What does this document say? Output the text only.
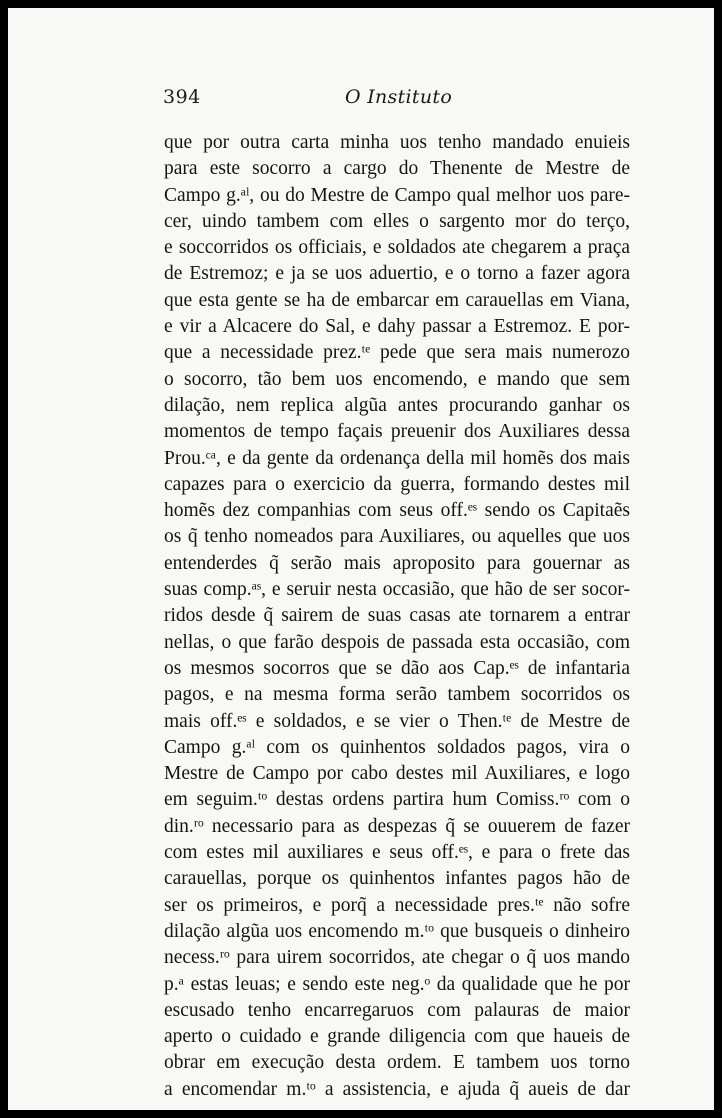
394	O Instituto
que por outra carta minha uos tenho mandado enuieis
para este socorro a cargo do Thenente de Mestre de
Campo g.ᵃˡ, ou do Mestre de Campo qual melhor uos pare-
cer, uindo tambem com elles o sargento mor do terço,
e soccorridos os officiais, e soldados ate chegarem a praça
de Estremoz; e ja se uos aduertio, e o torno a fazer agora
que esta gente se ha de embarcar em carauellas em Viana,
e vir a Alcacere do Sal, e dahy passar a Estremoz. E por-
que a necessidade prez.ᵗᵉ pede que sera mais numerozo
o socorro, tão bem uos encomendo, e mando que sem
dilação, nem replica algũa antes procurando ganhar os
momentos de tempo façais preuenir dos Auxiliares dessa
Prou.ᶜᵃ, e da gente da ordenança della mil homẽs dos mais
capazes para o exercicio da guerra, formando destes mil
homẽs dez companhias com seus off.ᵉˢ sendo os Capitaẽs
os q̃ tenho nomeados para Auxiliares, ou aquelles que uos
entenderdes q̃ serão mais aproposito para gouernar as
suas comp.ᵃˢ, e seruir nesta occasião, que hão de ser socor-
ridos desde q̃ sairem de suas casas ate tornarem a entrar
nellas, o que farão despois de passada esta occasião, com
os mesmos socorros que se dão aos Cap.ᵉˢ de infantaria
pagos, e na mesma forma serão tambem socorridos os
mais off.ᵉˢ e soldados, e se vier o Then.ᵗᵉ de Mestre de
Campo g.ᵃˡ com os quinhentos soldados pagos, vira o
Mestre de Campo por cabo destes mil Auxiliares, e logo
em seguim.ᵗᵒ destas ordens partira hum Comiss.ʳᵒ com o
din.ʳᵒ necessario para as despezas q̃ se ouuerem de fazer
com estes mil auxiliares e seus off.ᵉˢ, e para o frete das
carauellas, porque os quinhentos infantes pagos hão de
ser os primeiros, e porq̃ a necessidade pres.ᵗᵉ não sofre
dilação algũa uos encomendo m.ᵗᵒ que busqueis o dinheiro
necess.ʳᵒ para uirem socorridos, ate chegar o q̃ uos mando
p.ᵃ estas leuas; e sendo este neg.ᵒ da qualidade que he por
escusado tenho encarregaruos com palauras de maior
aperto o cuidado e grande diligencia com que haueis de
obrar em execução desta ordem. E tambem uos torno
a encomendar m.ᵗᵒ a assistencia, e ajuda q̃ aueis de dar
